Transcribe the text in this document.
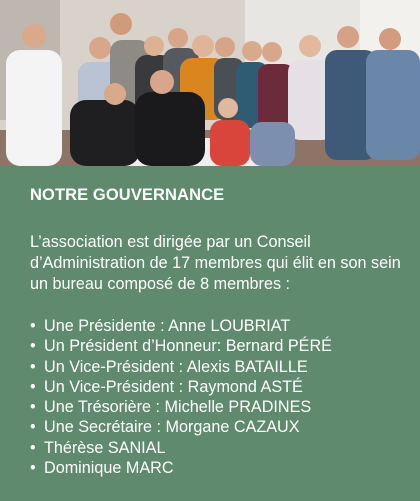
NOTRE GOUVERNANCE

L’association est dirigée par un Conseil d’Administration de 17 membres qui élit en son sein un bureau composé de 8 membres :

• Une Présidente : Anne LOUBRIAT
• Un Président d’Honneur: Bernard PÉRÉ
• Un Vice-Président : Alexis BATAILLE
• Un Vice-Président : Raymond ASTÉ
• Une Trésorière : Michelle PRADINES
• Une Secrétaire : Morgane CAZAUX
• Thérèse SANIAL
• Dominique MARC
